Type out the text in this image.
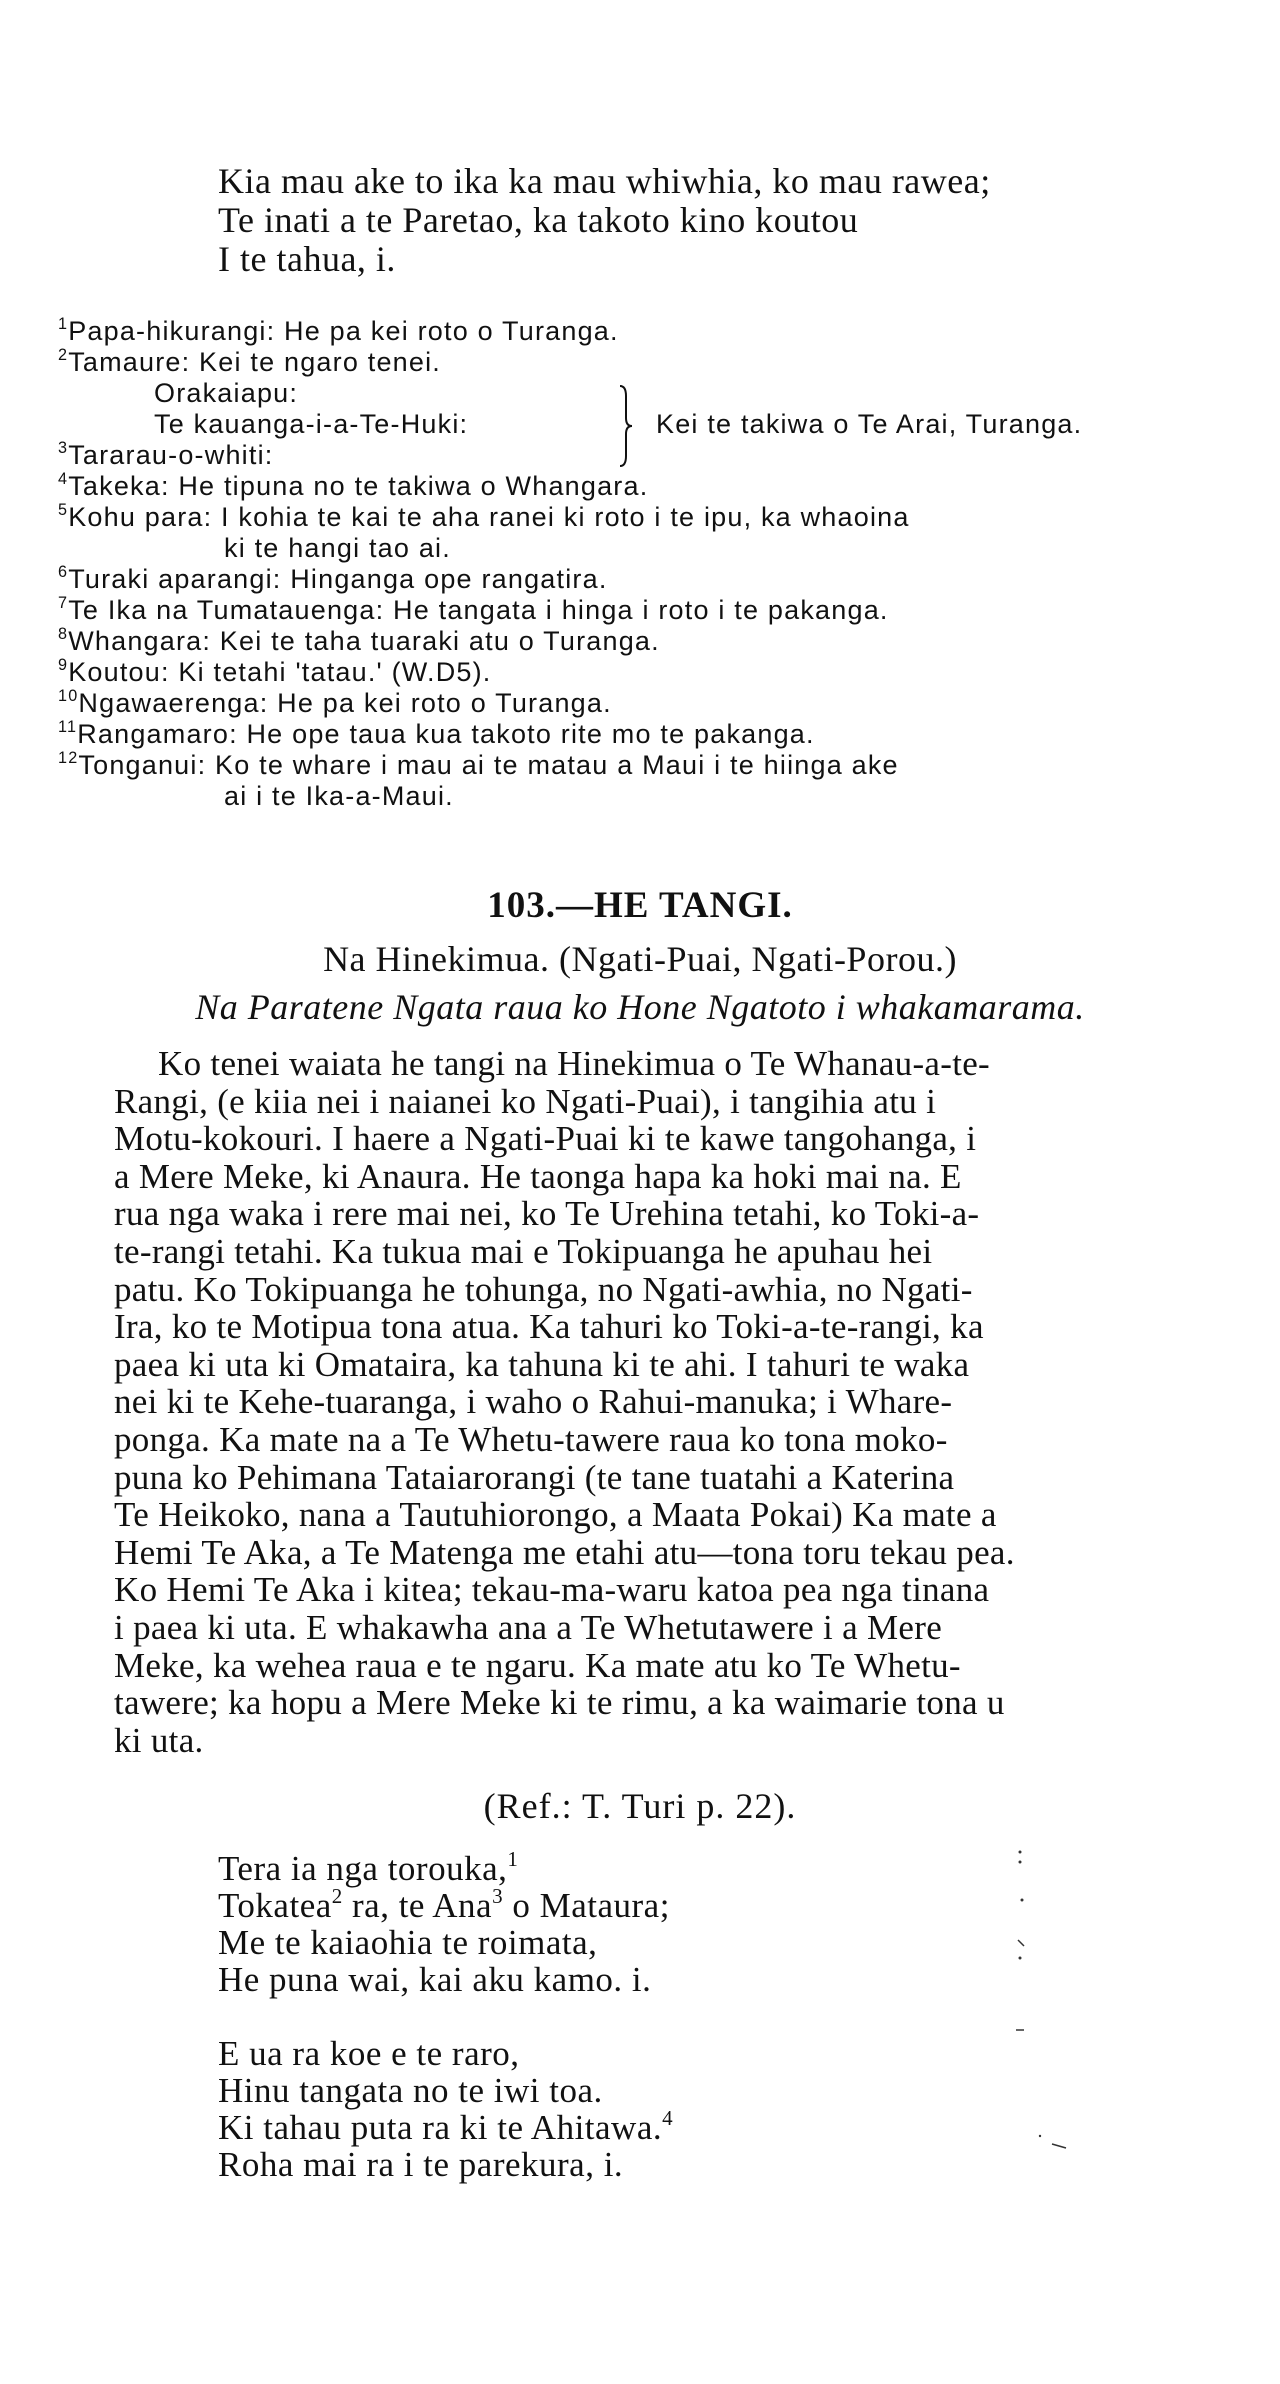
Kia mau ake to ika ka mau whiwhia, ko mau rawea;
Te inati a te Paretao, ka takoto kino koutou
I te tahua, i.
$^1$Papa-hikurangi: He pa kei roto o Turanga.
$^2$Tamaure: Kei te ngaro tenei.
Orakaiapu:
Te kauanga-i-a-Te-Huki:
$^3$Tararau-o-whiti:
Kei te takiwa o Te Arai, Turanga.
$^4$Takeka: He tipuna no te takiwa o Whangara.
$^5$Kohu para: I kohia te kai te aha ranei ki roto i te ipu, ka whaoina
ki te hangi tao ai.
$^6$Turaki aparangi: Hinganga ope rangatira.
$^7$Te Ika na Tumatauenga: He tangata i hinga i roto i te pakanga.
$^8$Whangara: Kei te taha tuaraki atu o Turanga.
$^9$Koutou: Ki tetahi 'tatau.' (W.D5).
$^{10}$Ngawaerenga: He pa kei roto o Turanga.
$^{11}$Rangamaro: He ope taua kua takoto rite mo te pakanga.
$^{12}$Tonganui: Ko te whare i mau ai te matau a Maui i te hiinga ake
ai i te Ika-a-Maui.
103.—HE TANGI.
Na Hinekimua. (Ngati-Puai, Ngati-Porou.)
Na Paratene Ngata raua ko Hone Ngatoto i whakamarama.
Ko tenei waiata he tangi na Hinekimua o Te Whanau-a-te-
Rangi, (e kiia nei i naianei ko Ngati-Puai), i tangihia atu i
Motu-kokouri. I haere a Ngati-Puai ki te kawe tangohanga, i
a Mere Meke, ki Anaura. He taonga hapa ka hoki mai na. E
rua nga waka i rere mai nei, ko Te Urehina tetahi, ko Toki-a-
te-rangi tetahi. Ka tukua mai e Tokipuanga he apuhau hei
patu. Ko Tokipuanga he tohunga, no Ngati-awhia, no Ngati-
Ira, ko te Motipua tona atua. Ka tahuri ko Toki-a-te-rangi, ka
paea ki uta ki Omataira, ka tahuna ki te ahi. I tahuri te waka
nei ki te Kehe-tuaranga, i waho o Rahui-manuka; i Whare-
ponga. Ka mate na a Te Whetu-tawere raua ko tona moko-
puna ko Pehimana Tataiarorangi (te tane tuatahi a Katerina
Te Heikoko, nana a Tautuhiorongo, a Maata Pokai) Ka mate a
Hemi Te Aka, a Te Matenga me etahi atu—tona toru tekau pea.
Ko Hemi Te Aka i kitea; tekau-ma-waru katoa pea nga tinana
i paea ki uta. E whakawha ana a Te Whetutawere i a Mere
Meke, ka wehea raua e te ngaru. Ka mate atu ko Te Whetu-
tawere; ka hopu a Mere Meke ki te rimu, a ka waimarie tona u
ki uta.
(Ref.: T. Turi p. 22).
Tera ia nga torouka,$^1$
Tokatea$^2$ ra, te Ana$^3$ o Mataura;
Me te kaiaohia te roimata,
He puna wai, kai aku kamo. i.
E ua ra koe e te raro,
Hinu tangata no te iwi toa.
Ki tahau puta ra ki te Ahitawa.$^4$
Roha mai ra i te parekura, i.
